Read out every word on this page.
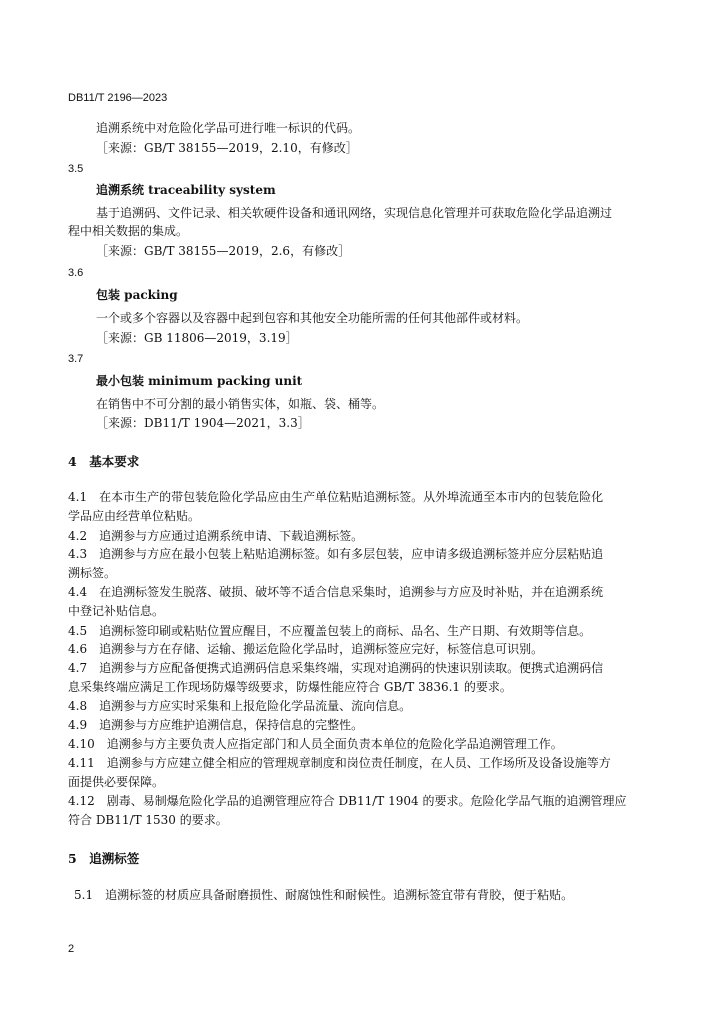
DB11/T 2196—2023
追溯系统中对危险化学品可进行唯一标识的代码。
［来源：GB/T 38155—2019，2.10，有修改］
3.5
追溯系统 traceability system
基于追溯码、文件记录、相关软硬件设备和通讯网络，实现信息化管理并可获取危险化学品追溯过
程中相关数据的集成。
［来源：GB/T 38155—2019，2.6，有修改］
3.6
包装 packing
一个或多个容器以及容器中起到包容和其他安全功能所需的任何其他部件或材料。
［来源：GB 11806—2019，3.19］
3.7
最小包装 minimum packing unit
在销售中不可分割的最小销售实体，如瓶、袋、桶等。
［来源：DB11/T 1904—2021，3.3］
4　基本要求
4.1　在本市生产的带包装危险化学品应由生产单位粘贴追溯标签。从外埠流通至本市内的包装危险化
学品应由经营单位粘贴。
4.2　追溯参与方应通过追溯系统申请、下载追溯标签。
4.3　追溯参与方应在最小包装上粘贴追溯标签。如有多层包装，应申请多级追溯标签并应分层粘贴追
溯标签。
4.4　在追溯标签发生脱落、破损、破坏等不适合信息采集时，追溯参与方应及时补贴，并在追溯系统
中登记补贴信息。
4.5　追溯标签印刷或粘贴位置应醒目，不应覆盖包装上的商标、品名、生产日期、有效期等信息。
4.6　追溯参与方在存储、运输、搬运危险化学品时，追溯标签应完好，标签信息可识别。
4.7　追溯参与方应配备便携式追溯码信息采集终端，实现对追溯码的快速识别读取。便携式追溯码信
息采集终端应满足工作现场防爆等级要求，防爆性能应符合 GB/T 3836.1 的要求。
4.8　追溯参与方应实时采集和上报危险化学品流量、流向信息。
4.9　追溯参与方应维护追溯信息，保持信息的完整性。
4.10　追溯参与方主要负责人应指定部门和人员全面负责本单位的危险化学品追溯管理工作。
4.11　追溯参与方应建立健全相应的管理规章制度和岗位责任制度，在人员、工作场所及设备设施等方
面提供必要保障。
4.12　剧毒、易制爆危险化学品的追溯管理应符合 DB11/T 1904 的要求。危险化学品气瓶的追溯管理应
符合 DB11/T 1530 的要求。
5　追溯标签
5.1　追溯标签的材质应具备耐磨损性、耐腐蚀性和耐候性。追溯标签宜带有背胶，便于粘贴。
2
